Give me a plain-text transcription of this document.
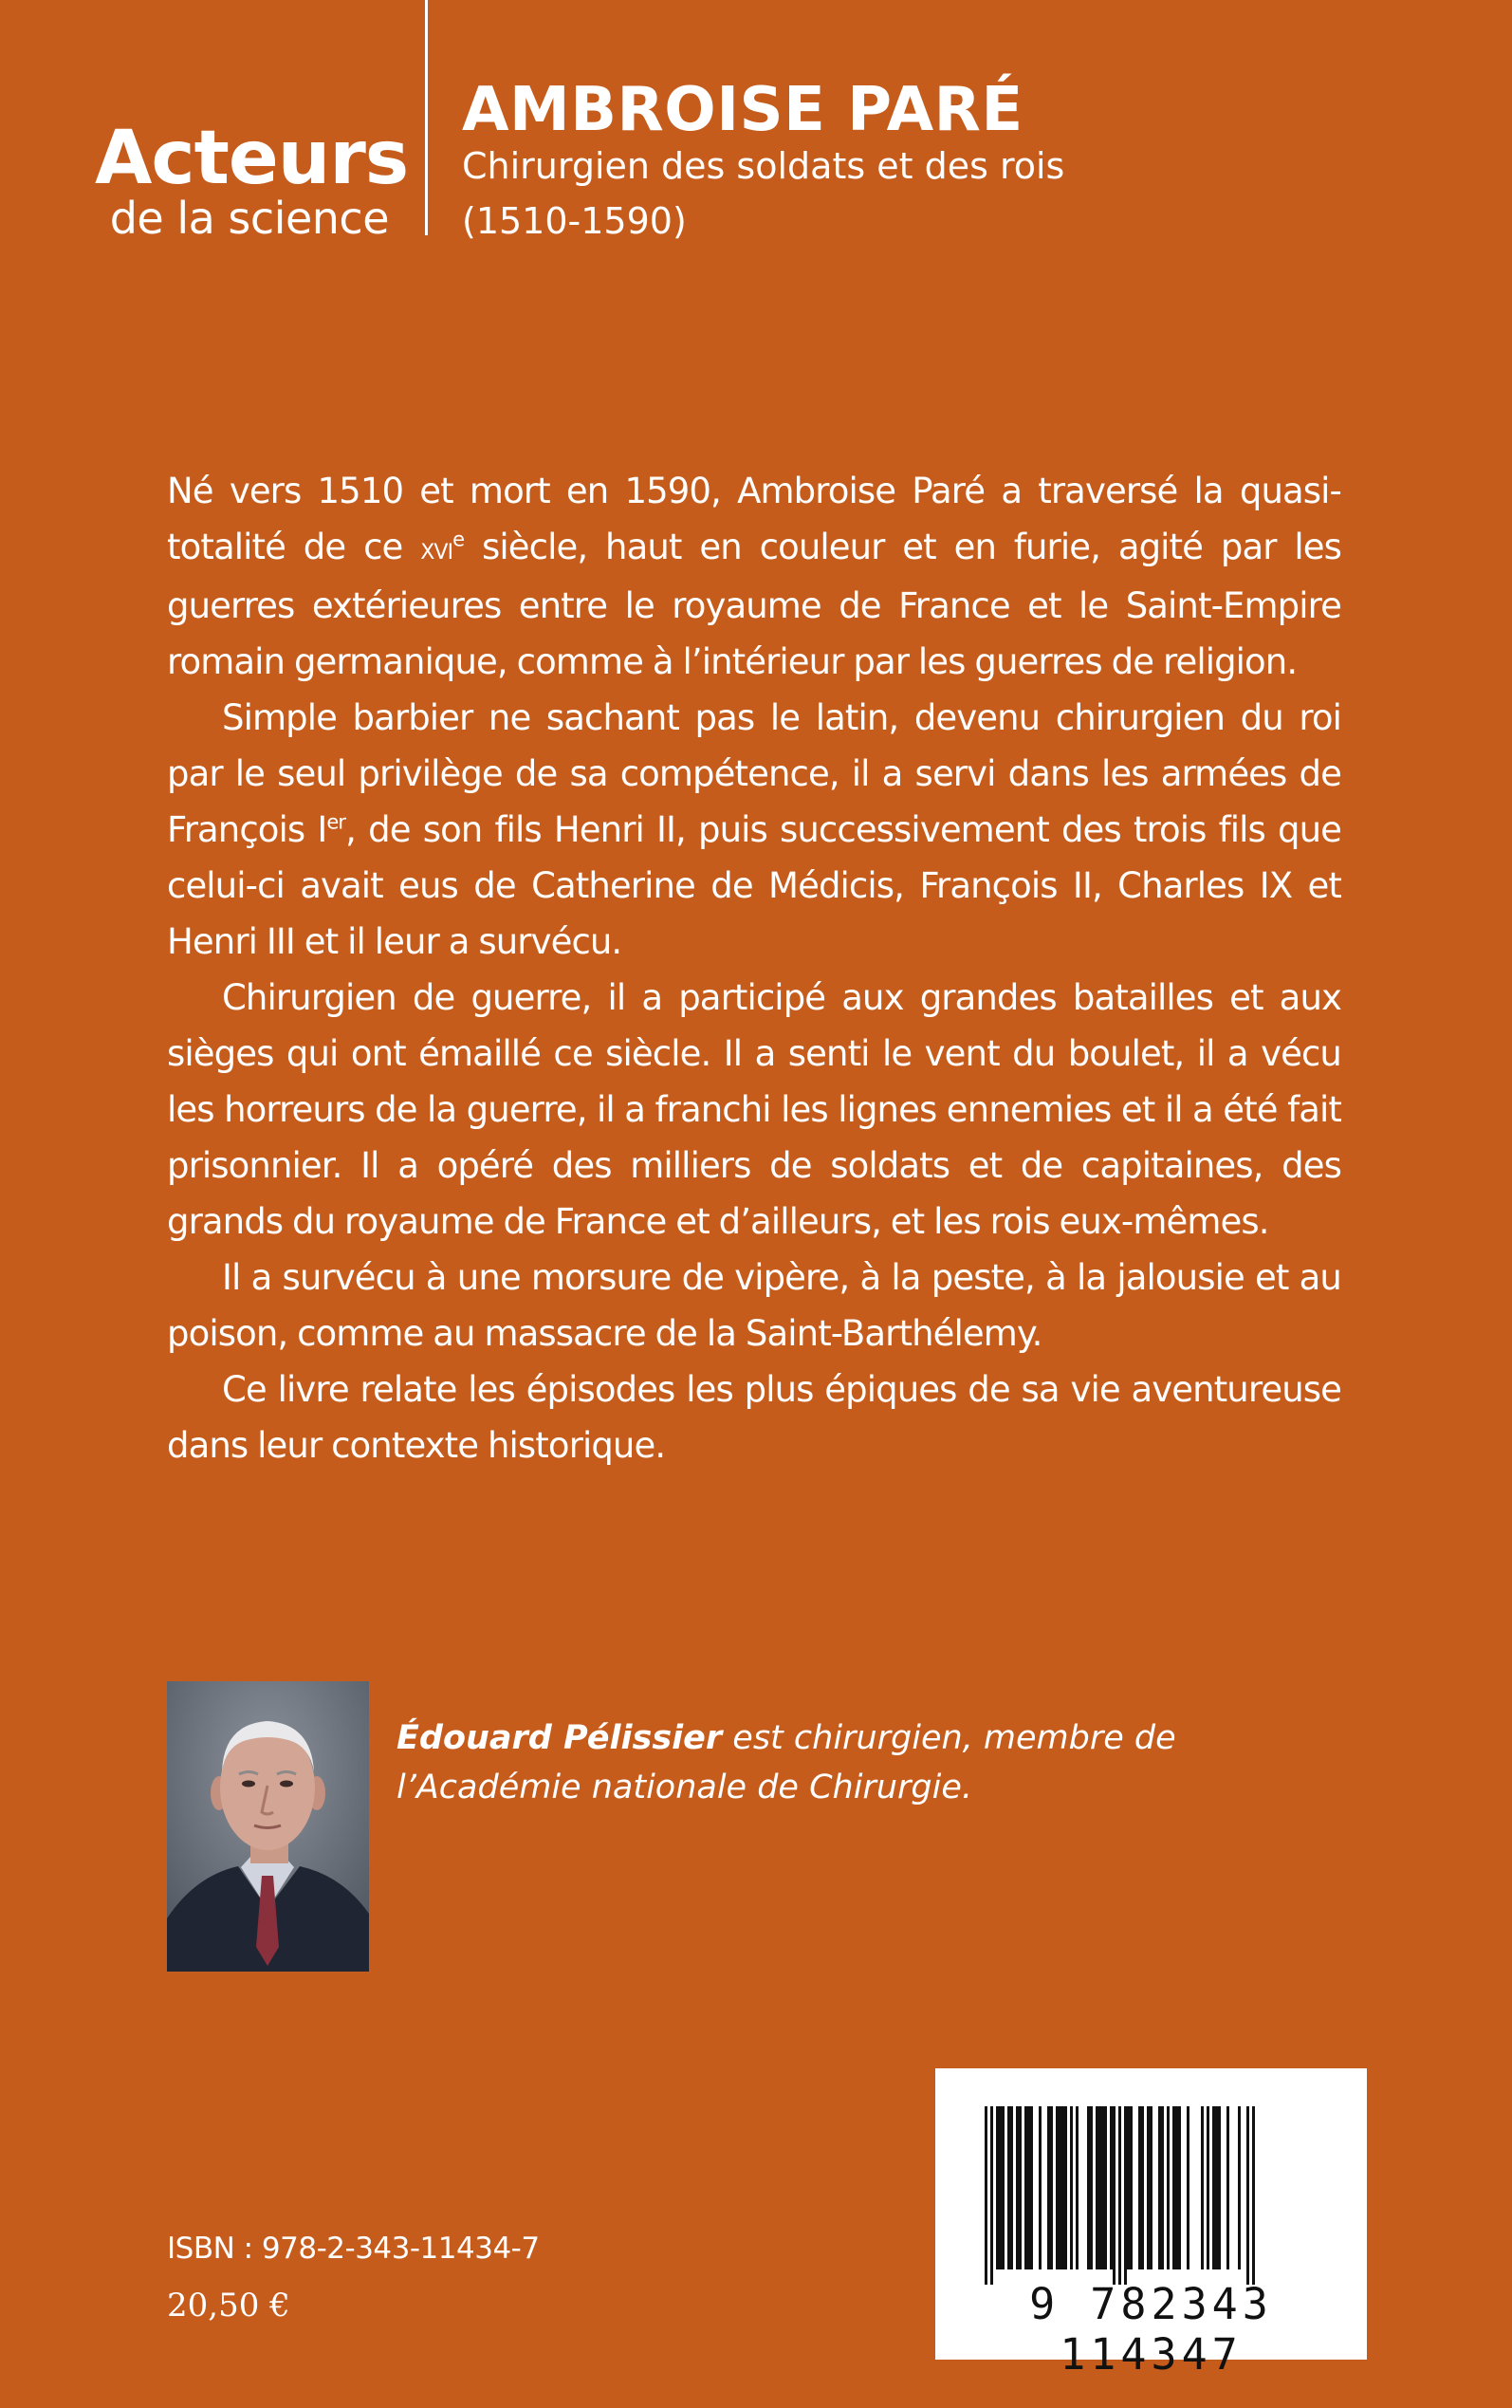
Acteurs
de la science
AMBROISE PARÉ
Chirurgien des soldats et des rois
(1510-1590)

Né vers 1510 et mort en 1590, Ambroise Paré a traversé la quasi-totalité de ce xvi$^e$ siècle, haut en couleur et en furie, agité par les guerres extérieures entre le royaume de France et le Saint-Empire romain germanique, comme à l’intérieur par les guerres de religion.

Simple barbier ne sachant pas le latin, devenu chirurgien du roi par le seul privilège de sa compétence, il a servi dans les armées de François Ier, de son fils Henri II, puis successivement des trois fils que celui-ci avait eus de Catherine de Médicis, François II, Charles IX et Henri III et il leur a survécu.

Chirurgien de guerre, il a participé aux grandes batailles et aux sièges qui ont émaillé ce siècle. Il a senti le vent du boulet, il a vécu les horreurs de la guerre, il a franchi les lignes ennemies et il a été fait prisonnier. Il a opéré des milliers de soldats et de capitaines, des grands du royaume de France et d’ailleurs, et les rois eux-mêmes.

Il a survécu à une morsure de vipère, à la peste, à la jalousie et au poison, comme au massacre de la Saint-Barthélemy.

Ce livre relate les épisodes les plus épiques de sa vie aventureuse dans leur contexte historique.

Édouard Pélissier est chirurgien, membre de l’Académie nationale de Chirurgie.
ISBN : 978-2-343-11434-7
20,50 €	9 782343 114347
